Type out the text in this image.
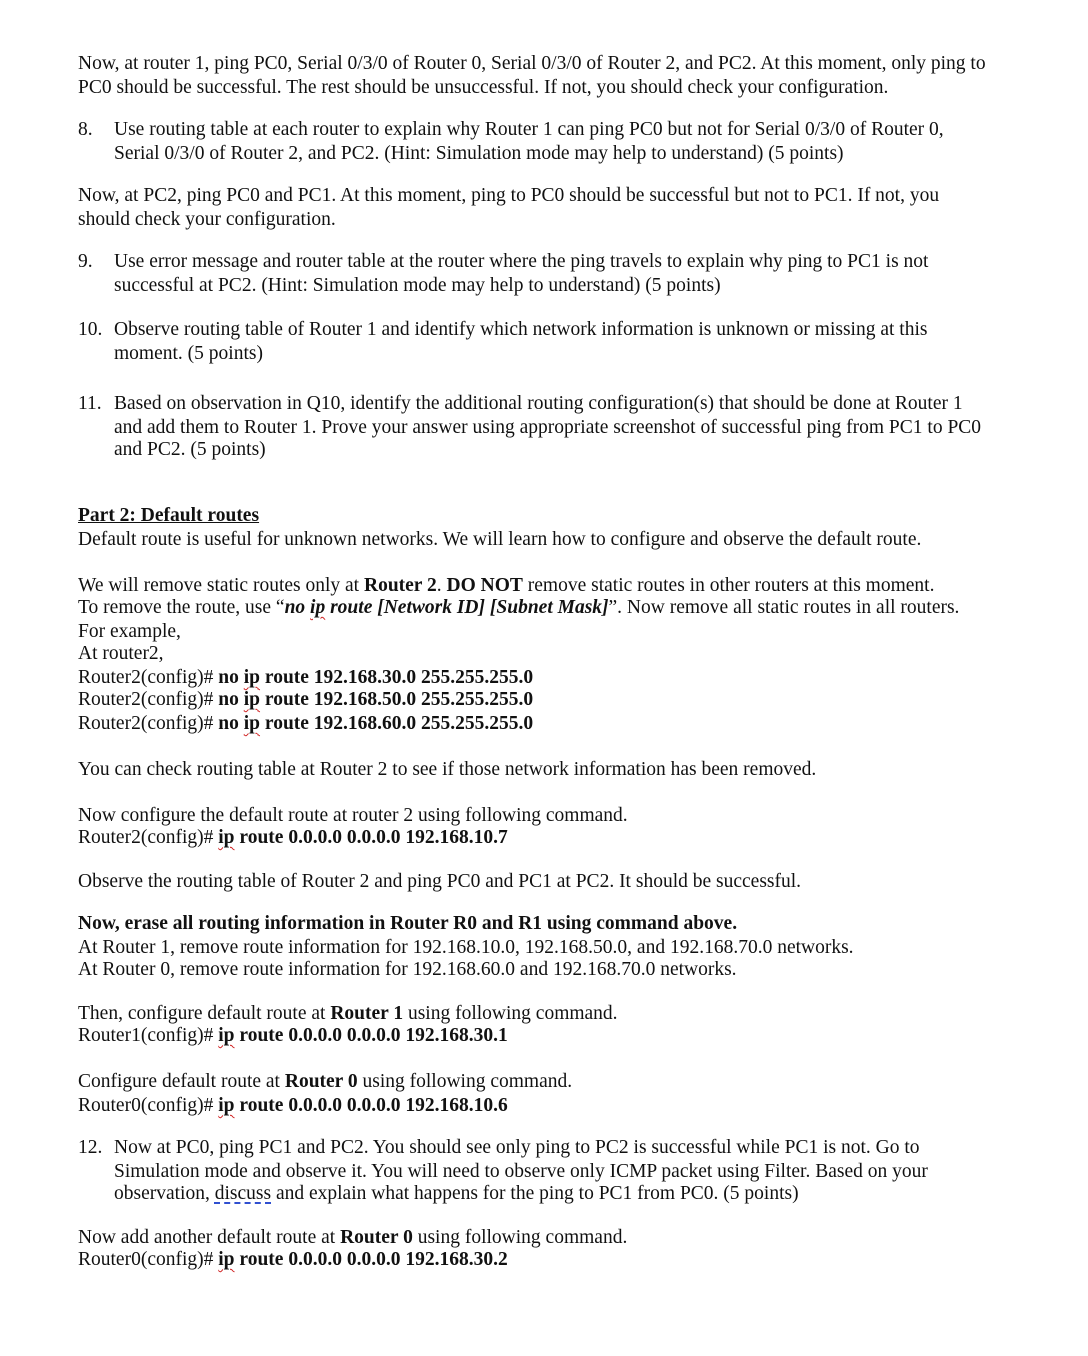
Now, at router 1, ping PC0, Serial 0/3/0 of Router 0, Serial 0/3/0 of Router 2, and PC2. At this moment, only ping to
PC0 should be successful. The rest should be unsuccessful. If not, you should check your configuration.
8. Use routing table at each router to explain why Router 1 can ping PC0 but not for Serial 0/3/0 of Router 0,
Serial 0/3/0 of Router 2, and PC2. (Hint: Simulation mode may help to understand) (5 points)
Now, at PC2, ping PC0 and PC1. At this moment, ping to PC0 should be successful but not to PC1. If not, you
should check your configuration.
9. Use error message and router table at the router where the ping travels to explain why ping to PC1 is not
successful at PC2. (Hint: Simulation mode may help to understand) (5 points)
10. Observe routing table of Router 1 and identify which network information is unknown or missing at this
moment. (5 points)
11. Based on observation in Q10, identify the additional routing configuration(s) that should be done at Router 1
and add them to Router 1. Prove your answer using appropriate screenshot of successful ping from PC1 to PC0
and PC2. (5 points)
Part 2: Default routes
Default route is useful for unknown networks. We will learn how to configure and observe the default route.
We will remove static routes only at Router 2. DO NOT remove static routes in other routers at this moment.
To remove the route, use “no ip route [Network ID] [Subnet Mask]”. Now remove all static routes in all routers.
For example,
At router2,
Router2(config)# no ip route 192.168.30.0 255.255.255.0
Router2(config)# no ip route 192.168.50.0 255.255.255.0
Router2(config)# no ip route 192.168.60.0 255.255.255.0
You can check routing table at Router 2 to see if those network information has been removed.
Now configure the default route at router 2 using following command.
Router2(config)# ip route 0.0.0.0 0.0.0.0 192.168.10.7
Observe the routing table of Router 2 and ping PC0 and PC1 at PC2. It should be successful.
Now, erase all routing information in Router R0 and R1 using command above.
At Router 1, remove route information for 192.168.10.0, 192.168.50.0, and 192.168.70.0 networks.
At Router 0, remove route information for 192.168.60.0 and 192.168.70.0 networks.
Then, configure default route at Router 1 using following command.
Router1(config)# ip route 0.0.0.0 0.0.0.0 192.168.30.1
Configure default route at Router 0 using following command.
Router0(config)# ip route 0.0.0.0 0.0.0.0 192.168.10.6
12. Now at PC0, ping PC1 and PC2. You should see only ping to PC2 is successful while PC1 is not. Go to
Simulation mode and observe it. You will need to observe only ICMP packet using Filter. Based on your
observation, discuss and explain what happens for the ping to PC1 from PC0. (5 points)
Now add another default route at Router 0 using following command.
Router0(config)# ip route 0.0.0.0 0.0.0.0 192.168.30.2
